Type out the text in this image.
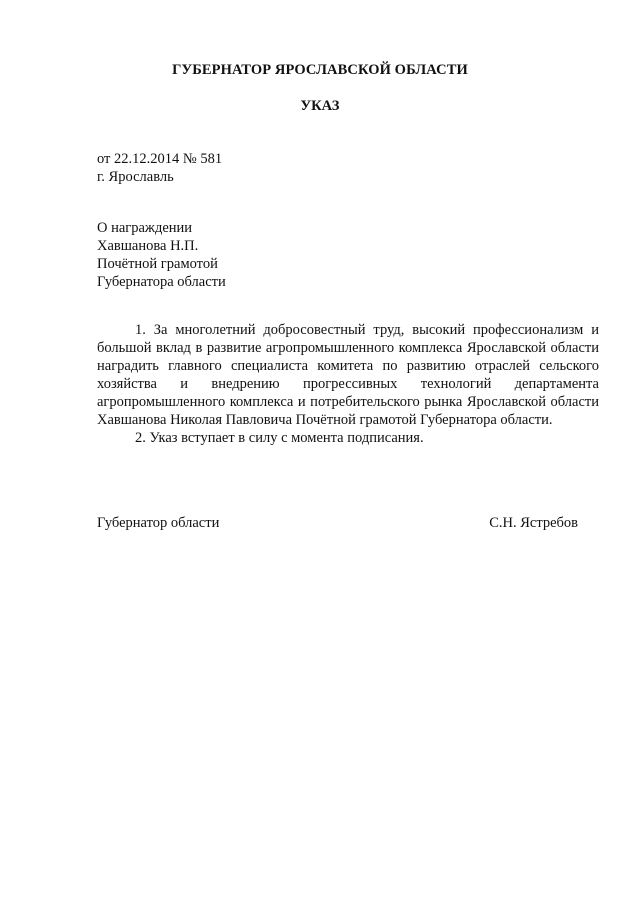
ГУБЕРНАТОР ЯРОСЛАВСКОЙ ОБЛАСТИ
УКАЗ
от 22.12.2014 № 581
г. Ярославль
О награждении
Хавшанова Н.П.
Почётной грамотой
Губернатора области

1. За многолетний добросовестный труд, высокий профессионализм и большой вклад в развитие агропромышленного комплекса Ярославской области наградить главного специалиста комитета по развитию отраслей сельского хозяйства и внедрению прогрессивных технологий департамента агропромышленного комплекса и потребительского рынка Ярославской области Хавшанова Николая Павловича Почётной грамотой Губернатора области.

2. Указ вступает в силу с момента подписания.

Губернатор области	С.Н. Ястребов
